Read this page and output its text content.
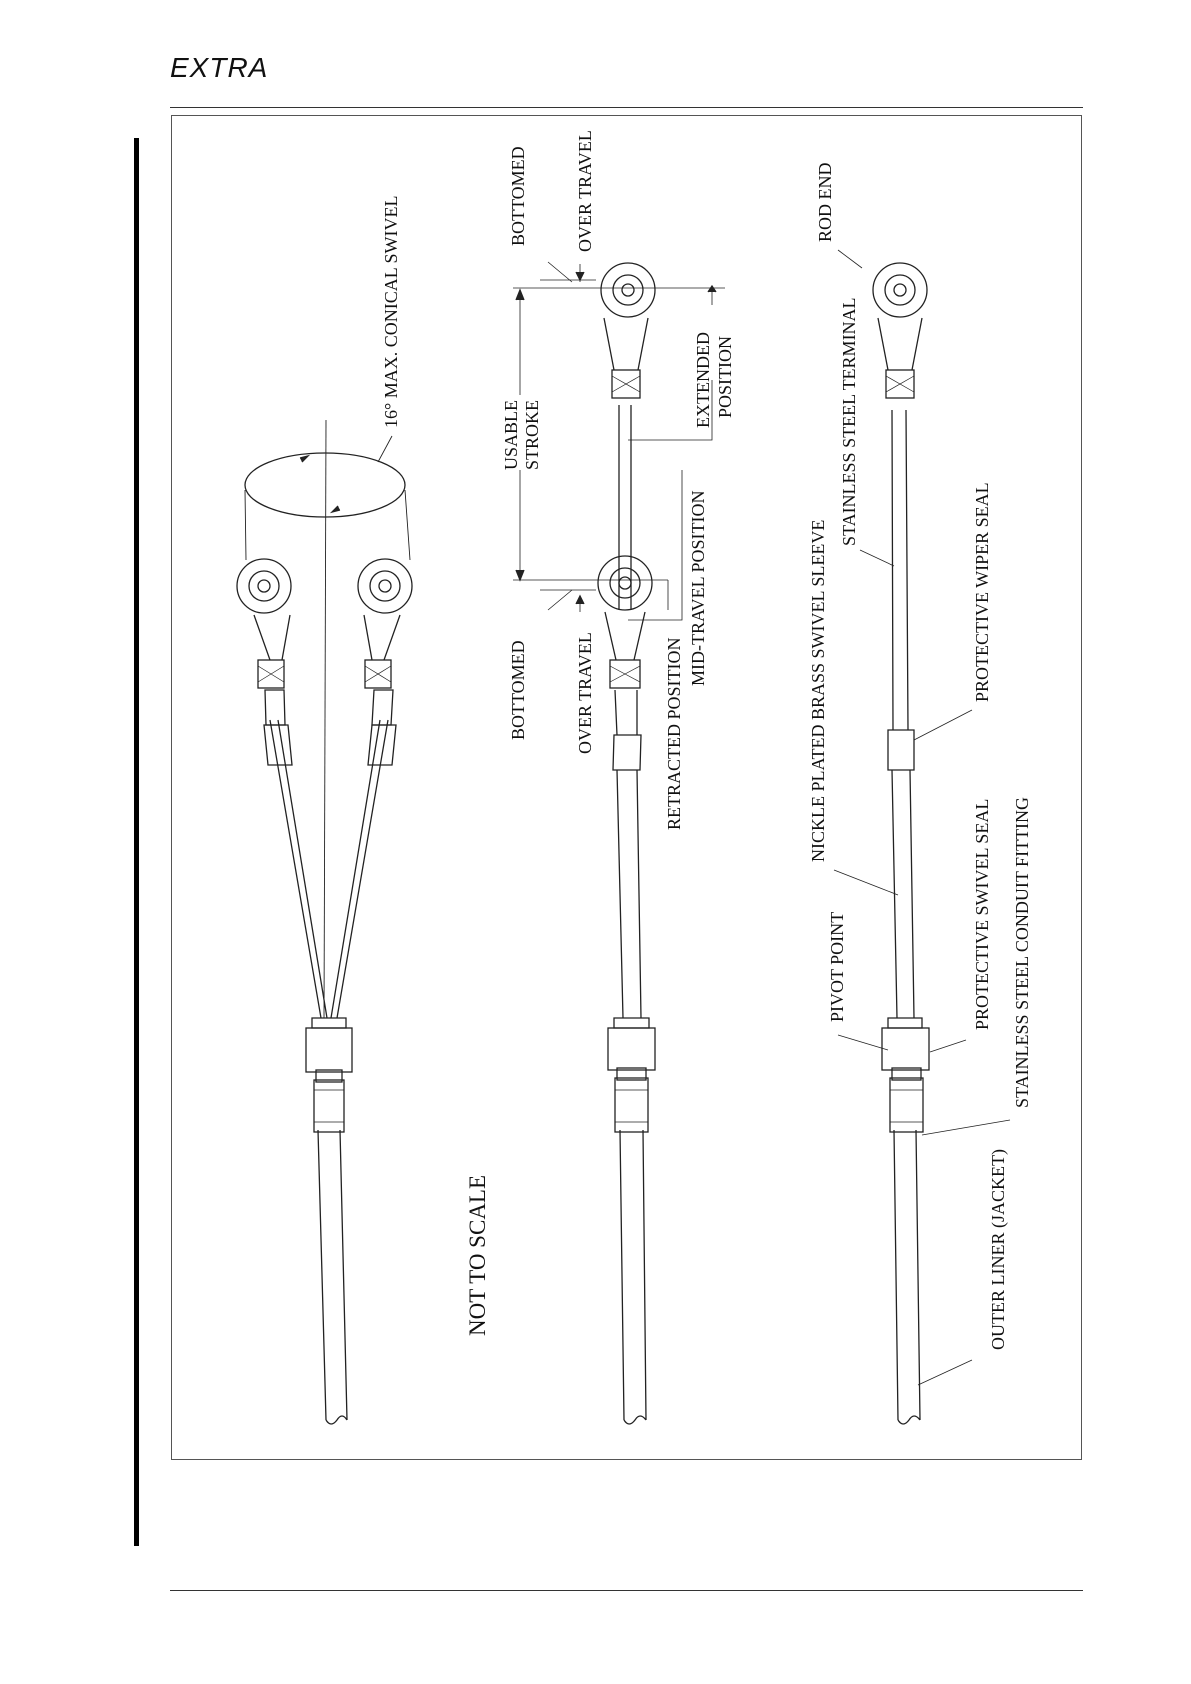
EXTRA
16° MAX. CONICAL SWIVEL
NOT TO SCALE
BOTTOMED	OVER TRAVEL
USABLE STROKE
EXTENDED POSITION
MID-TRAVEL POSITION
BOTTOMED	OVER TRAVEL	RETRACTED POSITION
ROD END
STAINLESS STEEL TERMINAL
NICKLE PLATED BRASS SWIVEL SLEEVE	PROTECTIVE WIPER SEAL
PROTECTIVE SWIVEL SEAL
PIVOT POINT	STAINLESS STEEL CONDUIT FITTING
OUTER LINER (JACKET)
